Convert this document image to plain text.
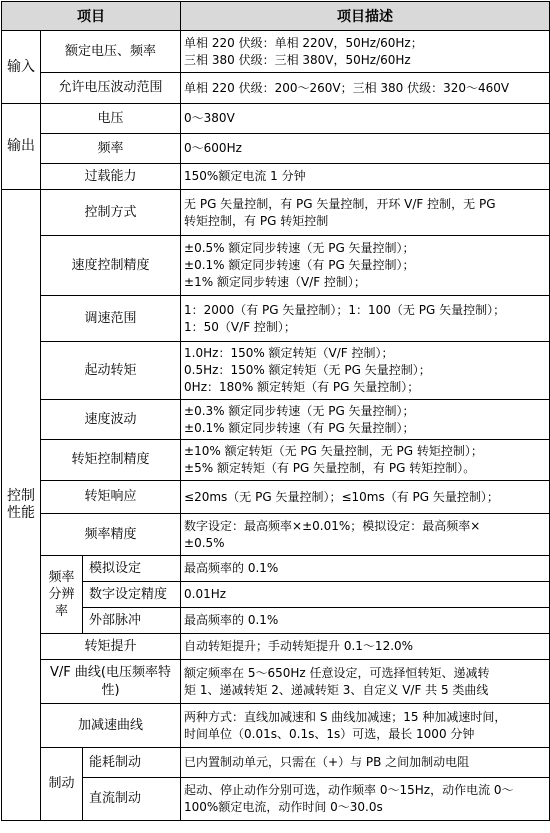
项目			项目描述
输入	额定电压、频率		单相 220 伏级：单相 220V，50Hz/60Hz；
三相 380 伏级：三相 380V，50Hz/60Hz

	允许电压波动范围		单相 220 伏级：200～260V；三相 380 伏级：320～460V

输出	电压		0～380V

	频率		0～600Hz

	过载能力		150%额定电流 1 分钟

控制性能	控制方式		无 PG 矢量控制，有 PG 矢量控制，开环 V/F 控制，无 PG
转矩控制，有 PG 转矩控制

	速度控制精度		±0.5% 额定同步转速（无 PG 矢量控制）；
±0.1% 额定同步转速（有 PG 矢量控制）；
±1% 额定同步转速（V/F 控制）；

	调速范围		1：2000（有 PG 矢量控制）；1：100（无 PG 矢量控制）；
1：50（V/F 控制）；

	起动转矩		1.0Hz：150% 额定转矩（V/F 控制）；
0.5Hz：150% 额定转矩（无 PG 矢量控制）；
0Hz：180% 额定转矩（有 PG 矢量控制）；

	速度波动		±0.3% 额定同步转速（无 PG 矢量控制）；
±0.1% 额定同步转速（有 PG 矢量控制）；

	转矩控制精度		±10% 额定转矩（无 PG 矢量控制，无 PG 转矩控制）；
±5% 额定转矩（有 PG 矢量控制，有 PG 转矩控制）。

	转矩响应		≤20ms（无 PG 矢量控制）；≤10ms（有 PG 矢量控制）；

	频率精度		数字设定：最高频率×±0.01%；模拟设定：最高频率×
±0.5%

	频率分辨率	模拟设定	最高频率的 0.1%

		数字设定精度	0.01Hz

		外部脉冲	最高频率的 0.1%

	转矩提升		自动转矩提升；手动转矩提升 0.1～12.0%

	V/F 曲线(电压频率特性)		额定频率在 5～650Hz 任意设定，可选择恒转矩、递减转
矩 1、递减转矩 2、递减转矩 3、自定义 V/F 共 5 类曲线

	加减速曲线		两种方式：直线加减速和 S 曲线加减速；15 种加减速时间，
时间单位（0.01s、0.1s、1s）可选，最长 1000 分钟

	制动	能耗制动	已内置制动单元，只需在（+）与 PB 之间加制动电阻

		直流制动	起动、停止动作分别可选，动作频率 0～15Hz，动作电流 0～
100%额定电流，动作时间 0～30.0s
